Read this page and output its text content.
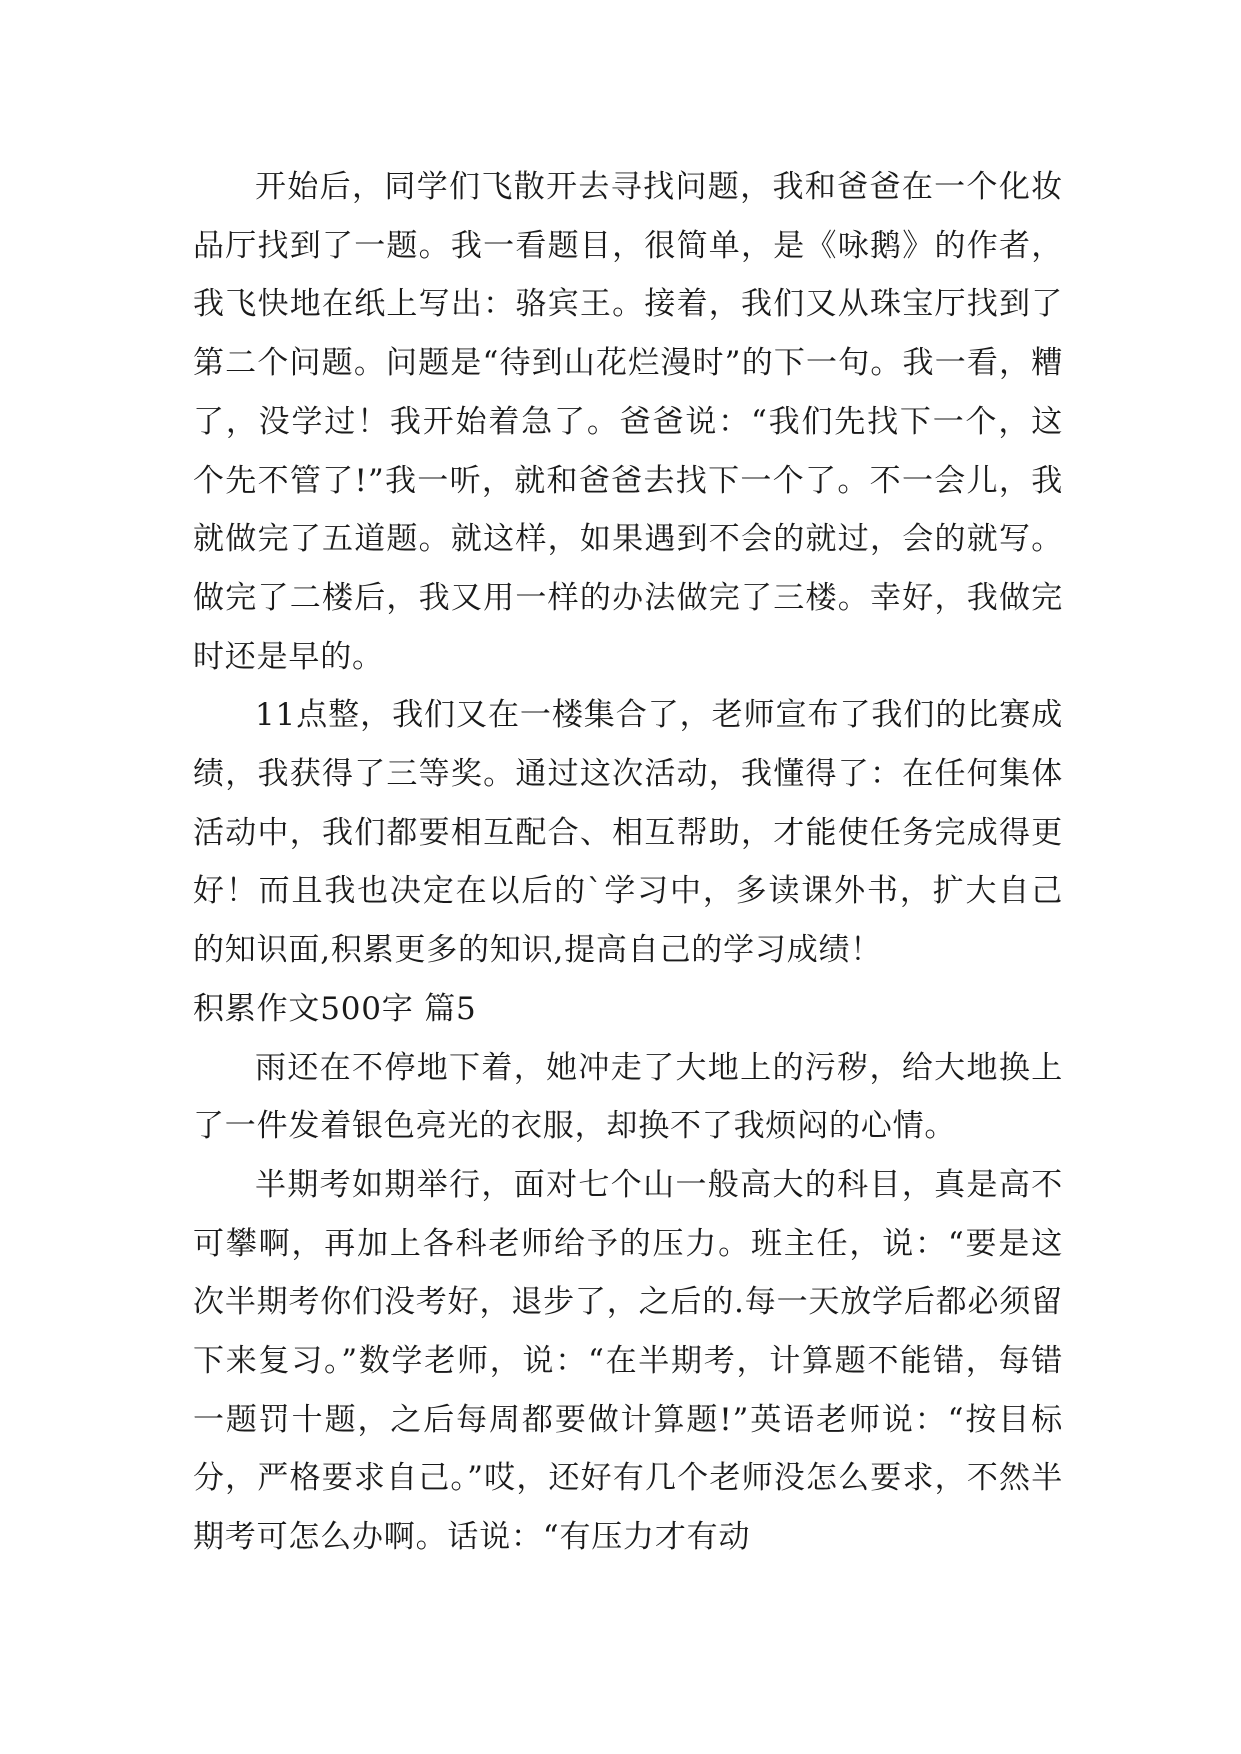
开始后，同学们飞散开去寻找问题，我和爸爸在一个化妆品厅找到了一题。我一看题目，很简单，是《咏鹅》的作者，我飞快地在纸上写出：骆宾王。接着，我们又从珠宝厅找到了第二个问题。问题是“待到山花烂漫时”的下一句。我一看，糟了，没学过！我开始着急了。爸爸说：“我们先找下一个，这个先不管了!”我一听，就和爸爸去找下一个了。不一会儿，我就做完了五道题。就这样，如果遇到不会的就过，会的就写。做完了二楼后，我又用一样的办法做完了三楼。幸好，我做完时还是早的。

11点整，我们又在一楼集合了，老师宣布了我们的比赛成绩，我获得了三等奖。通过这次活动，我懂得了：在任何集体活动中，我们都要相互配合、相互帮助，才能使任务完成得更好！而且我也决定在以后的`学习中，多读课外书，扩大自己的知识面,积累更多的知识,提高自己的学习成绩！

积累作文500字 篇5

雨还在不停地下着，她冲走了大地上的污秽，给大地换上了一件发着银色亮光的衣服，却换不了我烦闷的心情。

半期考如期举行，面对七个山一般高大的科目，真是高不可攀啊，再加上各科老师给予的压力。班主任，说：“要是这次半期考你们没考好，退步了，之后的.每一天放学后都必须留下来复习。”数学老师，说：“在半期考，计算题不能错，每错一题罚十题，之后每周都要做计算题!”英语老师说：“按目标分，严格要求自己。”哎，还好有几个老师没怎么要求，不然半期考可怎么办啊。话说：“有压力才有动
